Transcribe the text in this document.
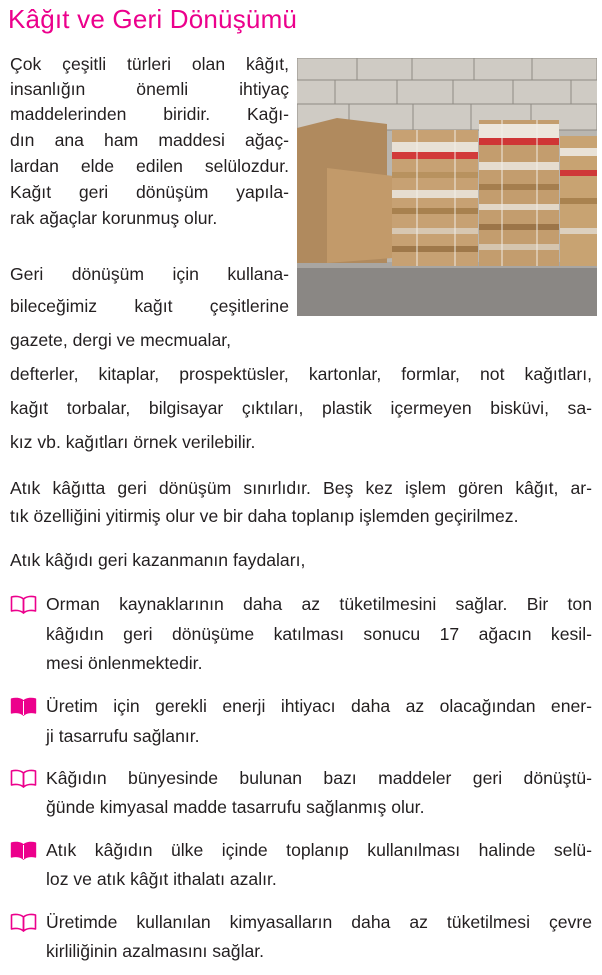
Kâğıt ve Geri Dönüşümü
Çok çeşitli türleri olan kâğıt,
insanlığın önemli ihtiyaç
maddelerinden biridir. Kağı-
dın ana ham maddesi ağaç-
lardan elde edilen selülozdur.
Kağıt geri dönüşüm yapıla-
rak ağaçlar korunmuş olur.
Geri dönüşüm için kullana-
bileceğimiz kağıt çeşitlerine
gazete, dergi ve mecmualar,
defterler, kitaplar, prospektüsler, kartonlar, formlar, not kağıtları,
kağıt torbalar, bilgisayar çıktıları, plastik içermeyen bisküvi, sa-
kız vb. kağıtları örnek verilebilir.
Atık kâğıtta geri dönüşüm sınırlıdır. Beş kez işlem gören kâğıt, ar-
tık özelliğini yitirmiş olur ve bir daha toplanıp işlemden geçirilmez.
Atık kâğıdı geri kazanmanın faydaları,
Orman kaynaklarının daha az tüketilmesini sağlar. Bir ton
kâğıdın geri dönüşüme katılması sonucu 17 ağacın kesil-
mesi önlenmektedir.
Üretim için gerekli enerji ihtiyacı daha az olacağından ener-
ji tasarrufu sağlanır.
Kâğıdın bünyesinde bulunan bazı maddeler geri dönüştü-
ğünde kimyasal madde tasarrufu sağlanmış olur.
Atık kâğıdın ülke içinde toplanıp kullanılması halinde selü-
loz ve atık kâğıt ithalatı azalır.
Üretimde kullanılan kimyasalların daha az tüketilmesi çevre
kirliliğinin azalmasını sağlar.
